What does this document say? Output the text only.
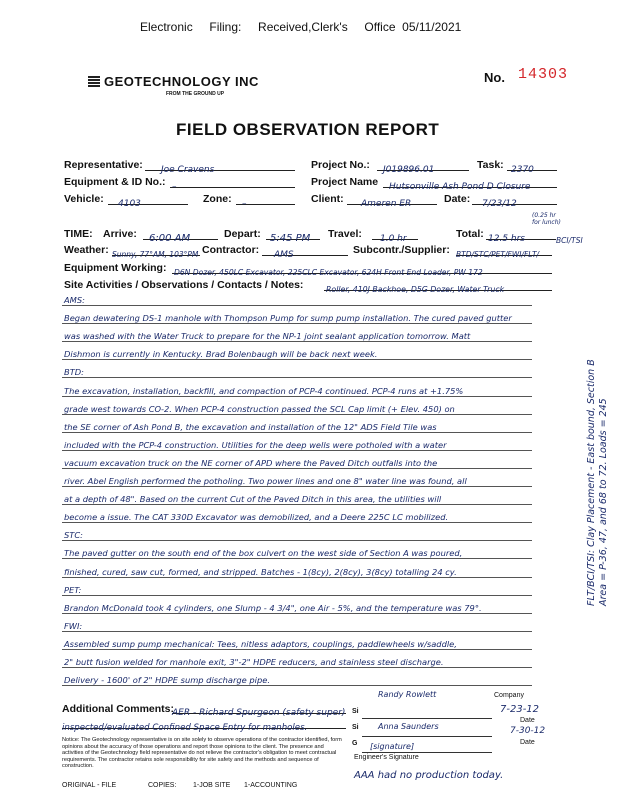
Electronic     Filing:     Received,Clerk's     Office  05/11/2021
GEOTECHNOLOGY INC
FROM THE GROUND UP
No. 14303
FIELD OBSERVATION REPORT
Representative:	Joe Cravens	Project No.:	J019896.01	Task: 2370
Equipment & ID No.: –	Project Name	Hutsonville Ash Pond D Closure
Vehicle:	4103	Zone:	–	Client:	Ameren ER	Date:	7/23/12
TIME: Arrive:	6:00 AM	Depart: 5:45 PM	Travel:	1.0 hr	Total: 12.5 hrs
(0.25 hr for lunch)
Weather: Sunny, 77°AM, 103°PM Contractor:	AMS	Subcontr./Supplier: BTD/STC/PET/FWI/FLT/
BCI/TSI
Equipment Working: D6N Dozer, 450LC Excavator, 225CLC Excavator, 624H Front End Loader, PW 172
Site Activities / Observations / Contacts / Notes:	Roller, 410J Backhoe, D5G Dozer, Water Truck
AMS:
Began dewatering DS-1 manhole with Thompson Pump for sump pump installation. The cured paved gutter
was washed with the Water Truck to prepare for the NP-1 joint sealant application tomorrow. Matt
Dishmon is currently in Kentucky. Brad Bolenbaugh will be back next week.
BTD:
The excavation, installation, backfill, and compaction of PCP-4 continued. PCP-4 runs at +1.75%
grade west towards CO-2. When PCP-4 construction passed the SCL Cap limit (+ Elev. 450) on
the SE corner of Ash Pond B, the excavation and installation of the 12" ADS Field Tile was
included with the PCP-4 construction. Utilities for the deep wells were potholed with a water
vacuum excavation truck on the NE corner of APD where the Paved Ditch outfalls into the
river. Abel English performed the potholing. Two power lines and one 8" water line was found, all
at a depth of 48". Based on the current Cut of the Paved Ditch in this area, the utilities will
become a issue. The CAT 330D Excavator was demobilized, and a Deere 225C LC mobilized.
STC:
The paved gutter on the south end of the box culvert on the west side of Section A was poured,
finished, cured, saw cut, formed, and stripped. Batches - 1(8cy), 2(8cy), 3(8cy) totalling 24 cy.
PET:
Brandon McDonald took 4 cylinders, one Slump - 4 3/4", one Air - 5%, and the temperature was 79°.
FWI:
Assembled sump pump mechanical: Tees, nitless adaptors, couplings, paddlewheels w/saddle,
2" butt fusion welded for manhole exit, 3"-2" HDPE reducers, and stainless steel discharge.
Delivery - 1600' of 2" HDPE sump discharge pipe.
FLT/BCI/TSI: Clay Placement - East bound, Section B Area = P-36, 47, and 68 to 72. Loads = 245
Additional Comments:
AER - Richard Spurgeon (safety super)
inspected/evaluated Confined Space Entry for manholes.
Notice: The Geotechnology representative is on site solely to observe operations of the contractor identified, form opinions about the accuracy of those operations and report those opinions to the client. The presence and activities of the Geotechnology field representative do not relieve the contractor's obligation to meet contractual requirements. The contractor retains sole responsibility for site safety and the methods and sequence of construction.
Randy Rowlett
Si
Si
G
Anna Saunders
[signature]
Company
7-23-12
Date
7-30-12
Date
Engineer's Signature
ORIGINAL - FILE	COPIES: 1-JOB SITE 1-ACCOUNTING
AAA had no production today.
